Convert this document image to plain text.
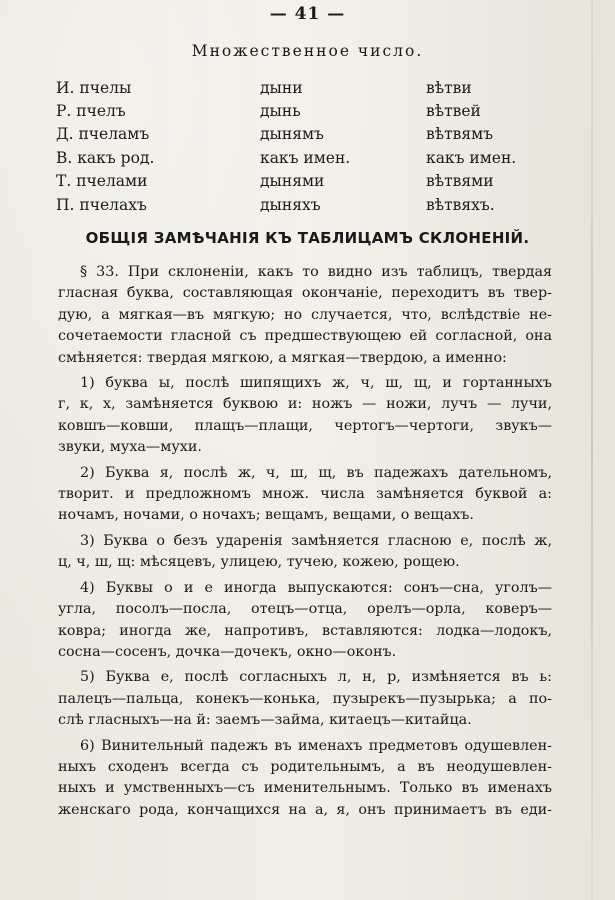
— 41 —
Множественное число.
И. пчелы	дыни	вѣтви
Р. пчелъ	дынь	вѣтвей
Д. пчеламъ	дынямъ	вѣтвямъ
В. какъ род.	какъ имен.	какъ имен.
Т. пчелами	дынями	вѣтвями
П. пчелахъ	дыняхъ	вѣтвяхъ.
ОБЩІЯ ЗАМѢЧАНІЯ КЪ ТАБЛИЦАМЪ СКЛОНЕНІЙ.

§ 33. При склоненіи, какъ то видно изъ таблицъ, твердая
гласная буква, составляющая окончаніе, переходитъ въ твер-
дую, а мягкая—въ мягкую; но случается, что, вслѣдствіе не-
сочетаемости гласной съ предшествующею ей согласной, она
смѣняется: твердая мягкою, а мягкая—твердою, а именно:

1) буква ы, послѣ шипящихъ ж, ч, ш, щ, и гортанныхъ
г, к, х, замѣняется буквою и: ножъ — ножи, лучъ — лучи,
ковшъ—ковши, плащъ—плащи, чертогъ—чертоги, звукъ—
звуки, муха—мухи.

2) Буква я, послѣ ж, ч, ш, щ, въ падежахъ дательномъ,
творит. и предложномъ множ. числа замѣняется буквой а:
ночамъ, ночами, о ночахъ; вещамъ, вещами, о вещахъ.

3) Буква о безъ ударенія замѣняется гласною е, послѣ ж,
ц, ч, ш, щ: мѣсяцевъ, улицею, тучею, кожею, рощею.

4) Буквы о и е иногда выпускаются: сонъ—сна, уголъ—
угла, посолъ—посла, отецъ—отца, орелъ—орла, коверъ—
ковра; иногда же, напротивъ, вставляются: лодка—лодокъ,
сосна—сосенъ, дочка—дочекъ, окно—оконъ.

5) Буква е, послѣ согласныхъ л, н, р, измѣняется въ ь:
палецъ—пальца, конекъ—конька, пузырекъ—пузырька; а по-
слѣ гласныхъ—на й: заемъ—займа, китаецъ—китайца.

6) Винительный падежъ въ именахъ предметовъ одушевлен-
ныхъ сходенъ всегда съ родительнымъ, а въ неодушевлен-
ныхъ и умственныхъ—съ именительнымъ. Только въ именахъ
женскаго рода, кончащихся на а, я, онъ принимаетъ въ еди-
